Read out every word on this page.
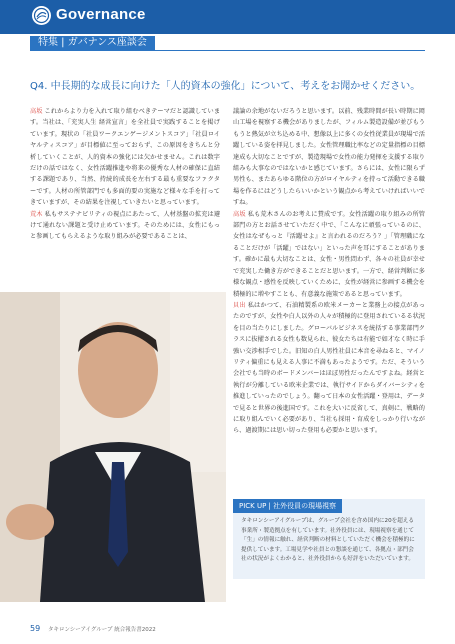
Governance
特集 | ガバナンス座談会
Q4. 中長期的な成長に向けた「人的資本の強化」について、考えをお聞かせください。

高坂 これからより力を入れて取り組むべきテーマだと認識しています。当社は、「充実人生 経営宣言」を全社員で実践することを掲げています。現状の「社員ワークエンゲージメントスコア」「社員ロイヤルティスコア」が目標値に至っておらず、この原因をきちんと分析していくことが、人的資本の強化には欠かせません。これは数字だけの話ではなく、女性活躍推進や将来の優秀な人材の確保に直結する課題であり、当然、持続的成長を左右する最も重要なファクターです。人材の所管部門でも多面的要の実施など様々な手を打ってきていますが、その結果を注視していきたいと思っています。

荒木 私もサステナビリティの視点にあたって、人材基盤の拡充は避けて通れない課題と受け止めています。そのためには、女性にもっと参画してもらえるような取り組みが必要であることは、

議論の余地がないだろうと思います。以前、残業時間が長い時期に岡山工場を視察する機会がありましたが、フィルム製造設備が並びもうもうと熱気が立ち込める中、想像以上に多くの女性従業員が現場で活躍している姿を拝見しました。女性管理職比率などの定量指標の目標達成も大切なことですが、製造現場で女性の能力発揮を支援する取り組みも大事なのではないかと感じています。さらには、女性に限らず男性も、またあらゆる階位の方がロイヤルティを持って活動できる職場を作るにはどうしたらいいかという観点から考えていければいいですね。

高坂 私も荒木さんのお考えに賛成です。女性活躍の取り組みの所管部門の方とお話させていただく中で、「こんなに頑張っているのに、女性はなぜもっと『活躍せよ』と言われるのだろう？」「管理職になることだけが「活躍」ではない」といった声を耳にすることがあります。確かに最も大切なことは、女性・男性問わず、各々の社員が幸せで充実した働き方ができることだと思います。一方で、経営判断に多様な観点・感性を反映していくために、女性が経営に参画する機会を積極的に増やすことも、有意義な施策であると思っています。

貝出 私はかつて、石油精製系の欧米メーカーと業務上の接点があったのですが、女性や白人以外の人々が積極的に登用されているる状況を目の当たりにしました。グローバルビジネスを統括する事業部門クラスに抜擢される女性も数見られ、彼女たちは有能で如才なく時に手強い交渉相手でした。旧知の白人男性社員に本音を尋ねると、マイノリティ偏重にも見える人事に不満もあったようです。ただ、そういう会社でも当時のボードメンバーはほぼ男性だったんですよね。経営と執行が分離している欧米企業では、執行サイドからダイバーシティを推進していったのでしょう。翻って日本の女性活躍・登用は、データで見ると世界の後進国です。これを大いに反省して、真剣に、戦略的に取り組んでいく必要があり、当社も採用・育成をしっかり行いながら、過渡期には思い切った登用も必要かと思います。

PICK UP | 社外役員の現場視察
タキロンシーアイグループは、グループ会社を含め国内に20を超える事業所・製造拠点を有しています。社外役員には、現場視察を通じて「生」の情報に触れ、経営判断の材料としていただく機会を積極的に提供しています。工場見学や社員との懇談を通じて、各拠点・部門会社の状況がよくわかると、社外役員からも好評をいただいています。
59 タキロンシーアイグループ 統合報告書2022
